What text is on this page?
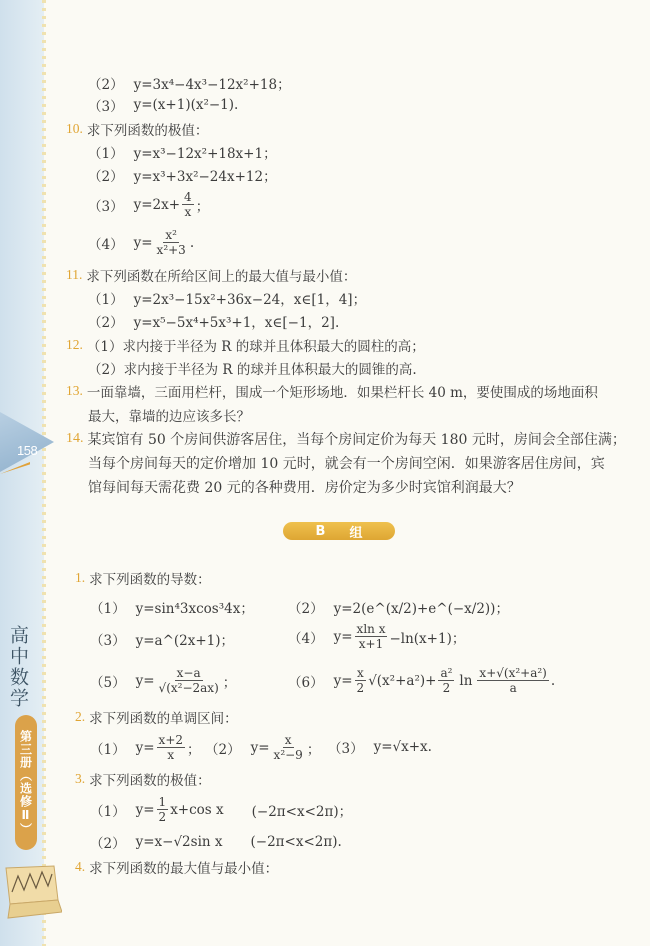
158
高中数学
第三册（选修Ⅱ）
（2） y=3x⁴−4x³−12x²+18；
（3） y=(x+1)(x²−1).
10. 求下列函数的极值：
（1） y=x³−12x²+18x+1；
（2） y=x³+3x²−24x+12；
（3） $y=2x+ \frac{4}{x}$ ；
（4） $y= \frac{\text{x²}}{\text{x²+3}}$ .
11. 求下列函数在所给区间上的最大值与最小值：
（1） y=2x³−15x²+36x−24，x∈[1，4]；
（2） y=x⁵−5x⁴+5x³+1，x∈[−1，2].
12. （1） 求内接于半径为 R 的球并且体积最大的圆柱的高；
（2） 求内接于半径为 R 的球并且体积最大的圆锥的高.
13. 一面靠墙，三面用栏杆，围成一个矩形场地．如果栏杆长 40 m，要使围成的场地面积
最大，靠墙的边应该多长？
14. 某宾馆有 50 个房间供游客居住，当每个房间定价为每天 180 元时，房间会全部住满；
当每个房间每天的定价增加 10 元时，就会有一个房间空闲．如果游客居住房间，宾
馆每间每天需花费 20 元的各种费用．房价定为多少时宾馆利润最大？
B 组
1. 求下列函数的导数：
（1） y=sin⁴3xcos³4x；	（2） y=2(e^(x/2)+e^(−x/2))；
（3） y=a^(2x+1)；	（4） $y= \frac{\text{xln x}}{x+1} -\ln(x+1)$；
（5） $y= \frac{x-a}{\text{√(x²−2ax)}}$ ；	（6） $y= \frac{x}{2} √(x^2+a^2)+ \frac{\text{a²}}{2}$ $\ln \frac{\text{x+√(x²+a²)}}{a}$ .
2. 求下列函数的单调区间：
（1） $y= \frac{x+2}{x}$ ； （2） $y= \frac{x}{\text{x²−9}}$ ； （3） y=√x+x.
3. 求下列函数的极值：
（1） $y= \frac{1}{2} x+\cos$ x (−2π<x<2π)；
（2） y=x−√2sin x (−2π<x<2π).
4. 求下列函数的最大值与最小值：
